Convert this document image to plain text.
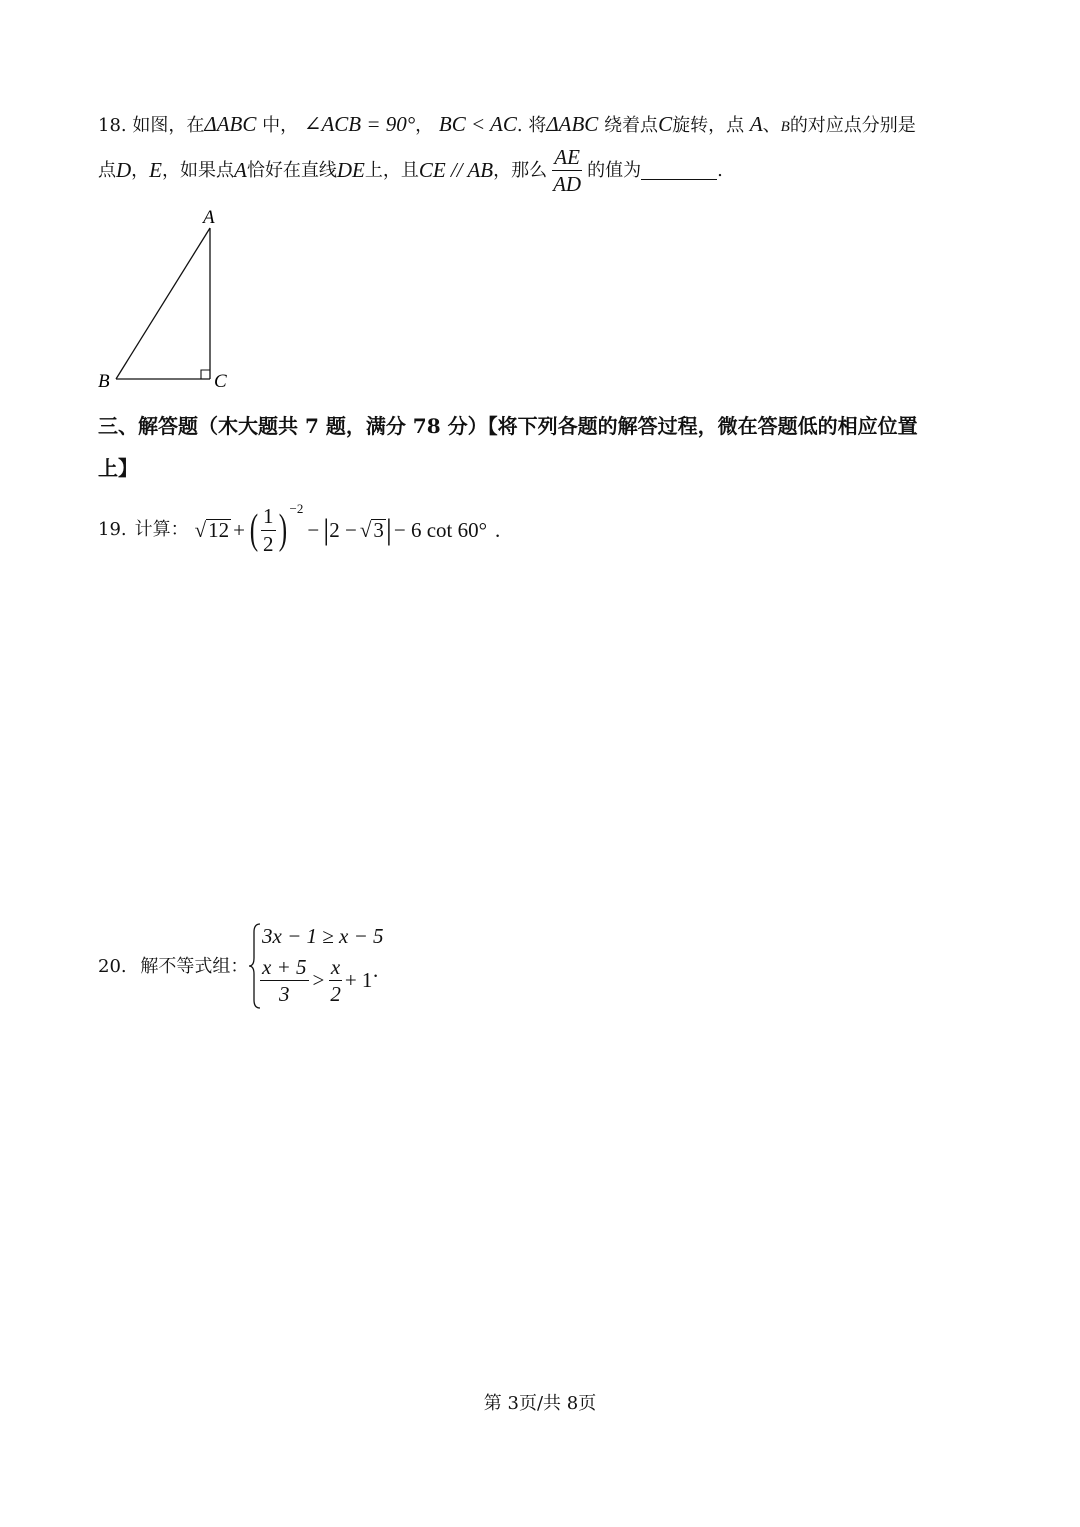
18. 如图，在ΔABC 中， ∠ACB = 90°， BC < AC. 将ΔABC 绕着点C旋转，点 A、B的对应点分别是
点 D ， E ，如果点 A 恰好在直线 DE 上，且 CE // AB ，那么 $\frac{AE}{AD}$ 的值为	.
A
B	C
三、解答题（木大题共 7 题，满分 78 分）【将下列各题的解答过程，微在答题低的相应位置
上】
19. 计算： √ 12 + ( $\frac{1}{2}$ ) −2
− | 2 − √ 3 | − 6 cot 60° .
20. 解不等式组：
3x − 1 ≥ x − 5
$\frac{x + 5}{3} > \frac{x}{2} + 1$ .
第 3页/共 8页
